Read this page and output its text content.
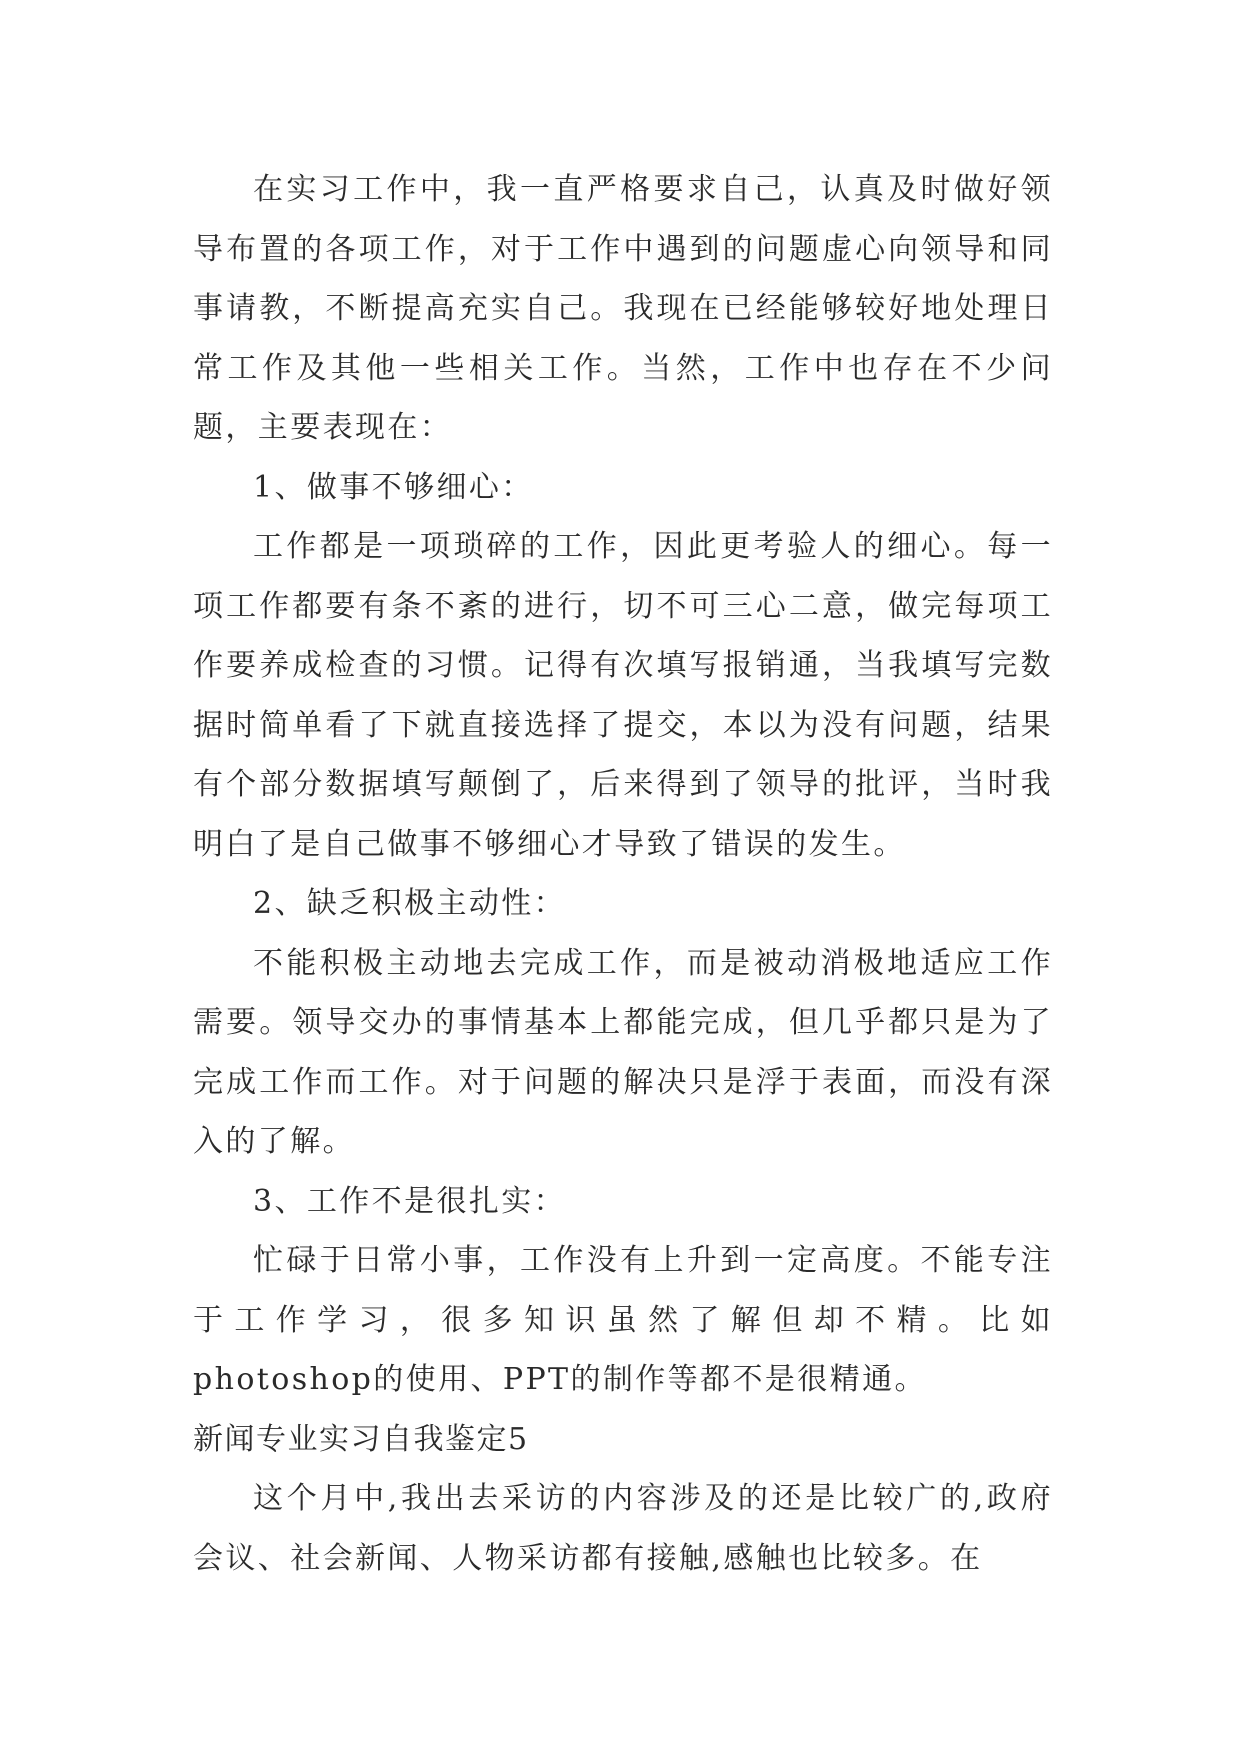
在实习工作中，我一直严格要求自己，认真及时做好领导布置的各项工作，对于工作中遇到的问题虚心向领导和同事请教，不断提高充实自己。我现在已经能够较好地处理日常工作及其他一些相关工作。当然，工作中也存在不少问题，主要表现在：

1、做事不够细心：

工作都是一项琐碎的工作，因此更考验人的细心。每一项工作都要有条不紊的进行，切不可三心二意，做完每项工作要养成检查的习惯。记得有次填写报销通，当我填写完数据时简单看了下就直接选择了提交，本以为没有问题，结果有个部分数据填写颠倒了，后来得到了领导的批评，当时我明白了是自己做事不够细心才导致了错误的发生。

2、缺乏积极主动性：

不能积极主动地去完成工作，而是被动消极地适应工作需要。领导交办的事情基本上都能完成，但几乎都只是为了完成工作而工作。对于问题的解决只是浮于表面，而没有深入的了解。

3、工作不是很扎实：

忙碌于日常小事，工作没有上升到一定高度。不能专注于工作学习，很多知识虽然了解但却不精。比如photoshop的使用、PPT的制作等都不是很精通。

新闻专业实习自我鉴定5

这个月中,我出去采访的内容涉及的还是比较广的,政府会议、社会新闻、人物采访都有接触,感触也比较多。在
